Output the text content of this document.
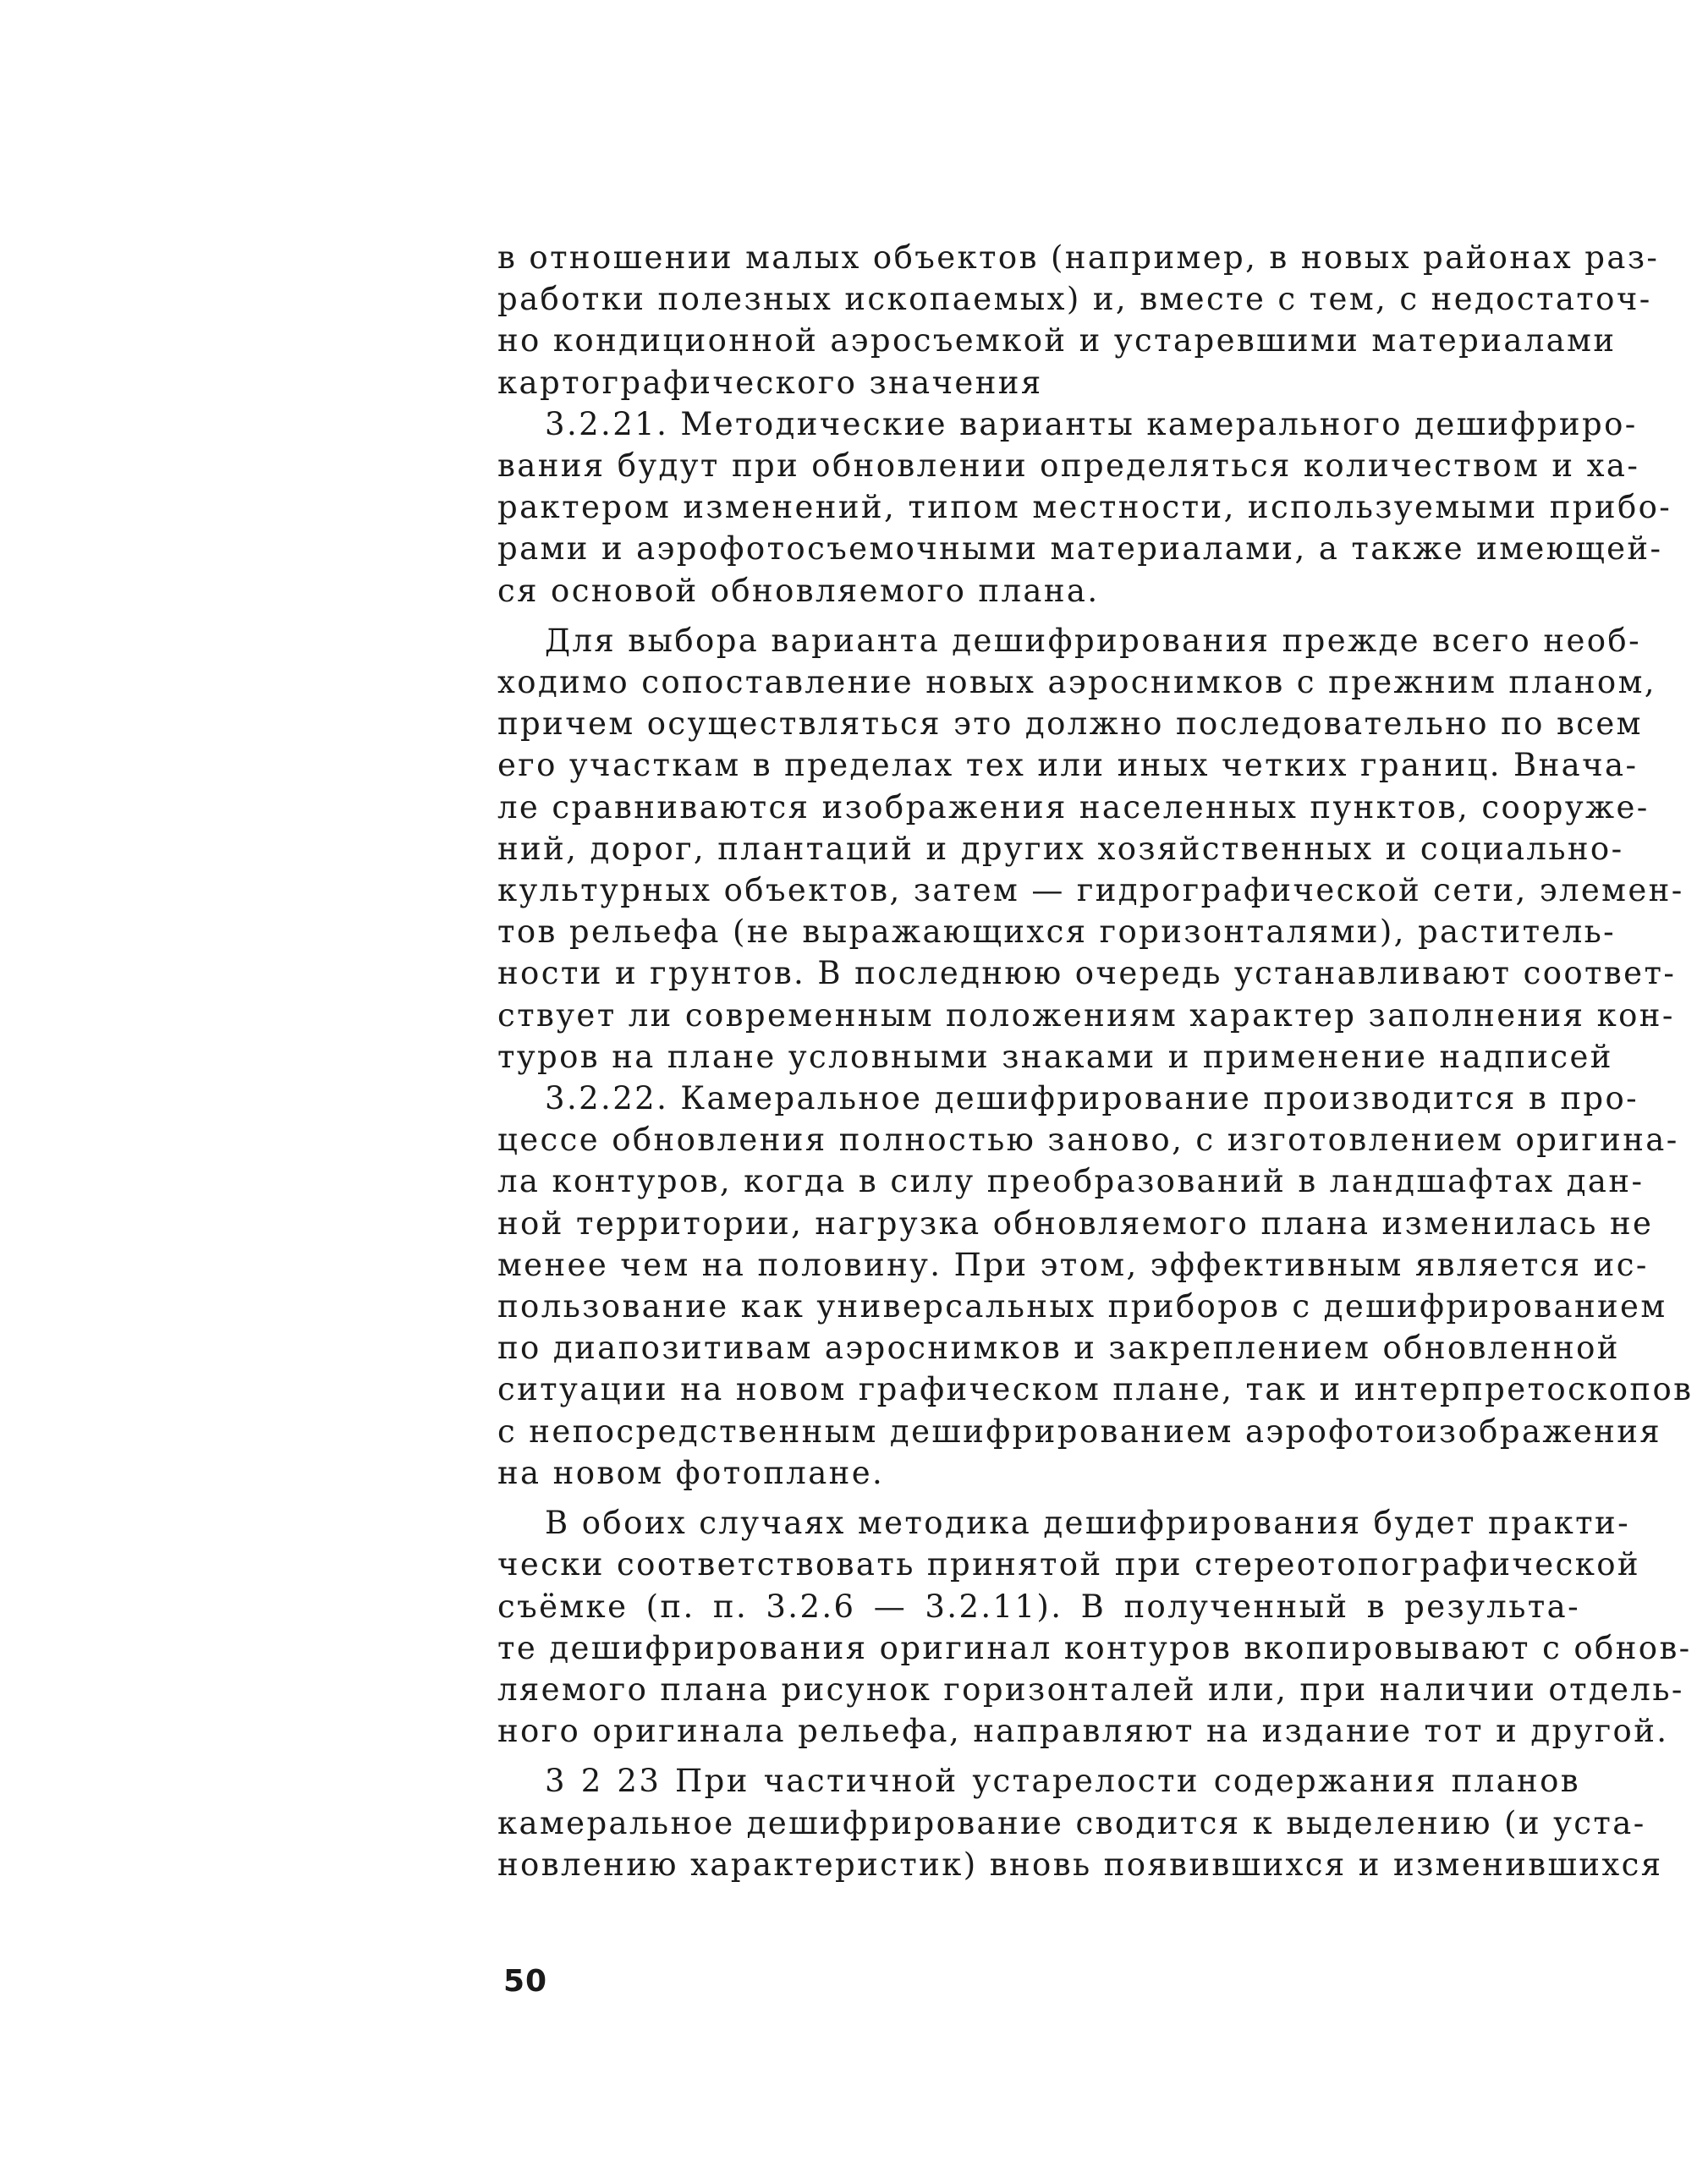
в отношении малых объектов (например, в новых районах раз-
работки полезных ископаемых) и, вместе с тем, с недостаточ-
но кондиционной аэросъемкой и устаревшими материалами
картографического значения
3.2.21. Методические варианты камерального дешифриро-
вания будут при обновлении определяться количеством и ха-
рактером изменений, типом местности, используемыми прибо-
рами и аэрофотосъемочными материалами, а также имеющей-
ся основой обновляемого плана.
Для выбора варианта дешифрирования прежде всего необ-
ходимо сопоставление новых аэроснимков с прежним планом,
причем осуществляться это должно последовательно по всем
его участкам в пределах тех или иных четких границ. Внача-
ле сравниваются изображения населенных пунктов, сооруже-
ний, дорог, плантаций и других хозяйственных и социально-
культурных объектов, затем — гидрографической сети, элемен-
тов рельефа (не выражающихся горизонталями), раститель-
ности и грунтов. В последнюю очередь устанавливают соответ-
ствует ли современным положениям характер заполнения кон-
туров на плане условными знаками и применение надписей
3.2.22. Камеральное дешифрирование производится в про-
цессе обновления полностью заново, с изготовлением оригина-
ла контуров, когда в силу преобразований в ландшафтах дан-
ной территории, нагрузка обновляемого плана изменилась не
менее чем на половину. При этом, эффективным является ис-
пользование как универсальных приборов с дешифрированием
по диапозитивам аэроснимков и закреплением обновленной
ситуации на новом графическом плане, так и интерпретоскопов
с непосредственным дешифрированием аэрофотоизображения
на новом фотоплане.
В обоих случаях методика дешифрирования будет практи-
чески соответствовать принятой при стереотопографической
съёмке (п. п. 3.2.6 — 3.2.11). В полученный в результа-
те дешифрирования оригинал контуров вкопировывают с обнов-
ляемого плана рисунок горизонталей или, при наличии отдель-
ного оригинала рельефа, направляют на издание тот и другой.
3 2 23 При частичной устарелости содержания планов
камеральное дешифрирование сводится к выделению (и уста-
новлению характеристик) вновь появившихся и изменившихся
50
